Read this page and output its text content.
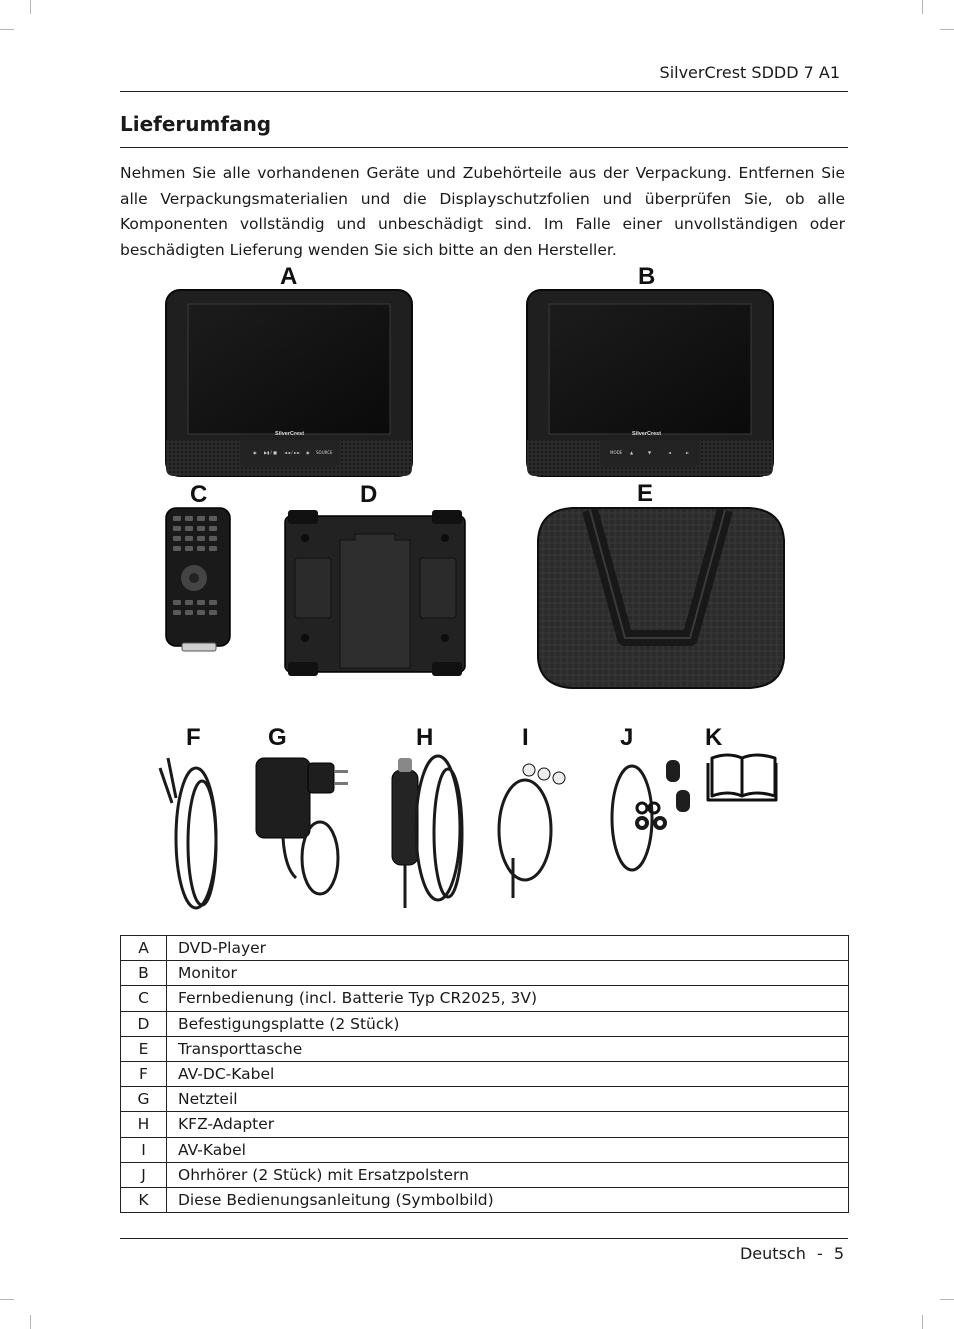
SilverCrest SDDD 7 A1
Lieferumfang

Nehmen Sie alle vorhandenen Geräte und Zubehörteile aus der Verpackung. Entfernen Sie alle Verpackungsmaterialien und die Displayschutzfolien und überprüfen Sie, ob alle Komponenten vollständig und unbeschädigt sind. Im Falle einer unvollständigen oder beschädigten Lieferung wenden Sie sich bitte an den Hersteller.

A	B
C	D	E
F	G	H	I	J	K
SilverCrest
◉ ▶▮ / ■ ◄◄ / ►► ◉ SOURCE
SilverCrest
MODE ▲	▼	◄	►
A	DVD-Player
B	Monitor
C	Fernbedienung (incl. Batterie Typ CR2025, 3V)
D	Befestigungsplatte (2 Stück)
E	Transporttasche
F	AV-DC-Kabel
G	Netzteil
H	KFZ-Adapter
I	AV-Kabel
J	Ohrhörer (2 Stück) mit Ersatzpolstern
K	Diese Bedienungsanleitung (Symbolbild)
Deutsch - 5
